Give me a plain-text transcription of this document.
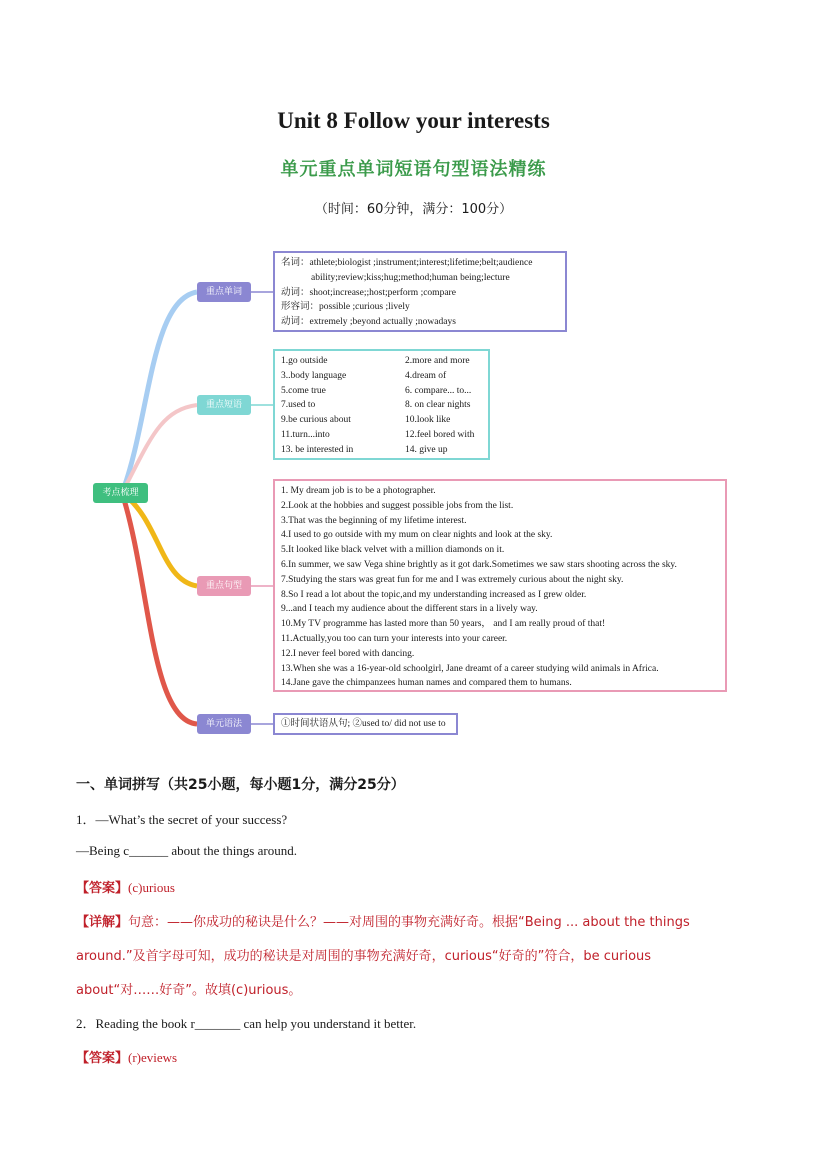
Unit 8 Follow your interests
单元重点单词短语句型语法精练
（时间：60分钟，满分：100分）
考点梳理
重点单词
重点短语
重点句型
单元语法
名词：athlete;biologist ;instrument;interest;lifetime;belt;audience
ability;review;kiss;hug;method;human being;lecture
动词：shoot;increase;;host;perform ;compare
形容词：possible ;curious ;lively
动词：extremely ;beyond actually ;nowadays
1.go outside	2.more and more
3..body language	4.dream of
5.come true	6. compare... to...
7.used to	8. on clear nights
9.be curious about	10.look like
11.turn...into	12.feel bored with
13. be interested in	14. give up
1. My dream job is to be a photographer.
2.Look at the hobbies and suggest possible jobs from the list.
3.That was the beginning of my lifetime interest.
4.I used to go outside with my mum on clear nights and look at the sky.
5.It looked like black velvet with a million diamonds on it.
6.In summer, we saw Vega shine brightly as it got dark.Sometimes we saw stars shooting across the sky.
7.Studying the stars was great fun for me and I was extremely curious about the night sky.
8.So I read a lot about the topic,and my understanding increased as I grew older.
9...and I teach my audience about the different stars in a lively way.
10.My TV programme has lasted more than 50 years， and I am really proud of that!
11.Actually,you too can turn your interests into your career.
12.I never feel bored with dancing.
13.When she was a 16-year-old schoolgirl, Jane dreamt of a career studying wild animals in Africa.
14.Jane gave the chimpanzees human names and compared them to humans.
①时间状语从句; ②used to/ did not use to
一、单词拼写（共25小题，每小题1分，满分25分）
1．—What’s the secret of your success?
—Being c______ about the things around.
【答案】(c)urious
【详解】句意：——你成功的秘诀是什么？——对周围的事物充满好奇。根据“Being ... about the things
around.”及首字母可知，成功的秘诀是对周围的事物充满好奇，curious“好奇的”符合，be curious
about“对……好奇”。故填(c)urious。
2．Reading the book r_______ can help you understand it better.
【答案】(r)eviews
